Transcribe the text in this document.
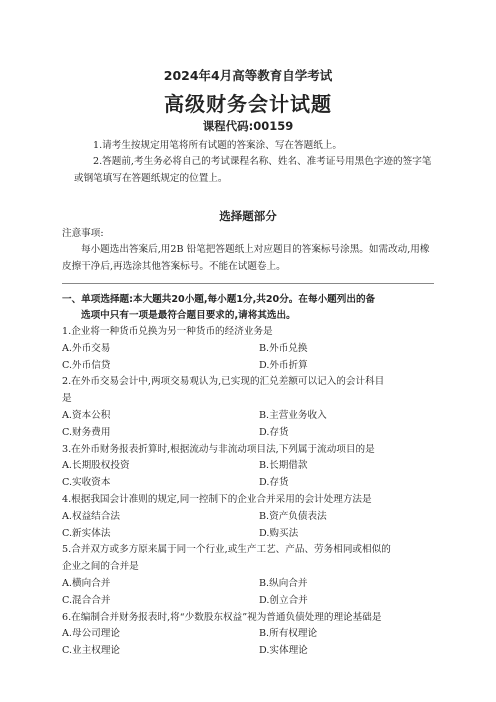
2024年4月高等教育自学考试
高级财务会计试题
课程代码:00159
1.请考生按规定用笔将所有试题的答案涂、写在答题纸上。
2.答题前,考生务必将自己的考试课程名称、姓名、准考证号用黑色字迹的签字笔或钢笔填写在答题纸规定的位置上。
选择题部分
注意事项:
每小题选出答案后,用2B 铅笔把答题纸上对应题目的答案标号涂黑。如需改动,用橡皮擦干净后,再选涂其他答案标号。不能在试题卷上。
一、单项选择题:本大题共20小题,每小题1分,共20分。在每小题列出的备
选项中只有一项是最符合题目要求的,请将其选出。
1.企业将一种货币兑换为另一种货币的经济业务是
A.外币交易	B.外币兑换
C.外币信贷	D.外币折算
2.在外币交易会计中,两项交易观认为,已实现的汇兑差额可以记入的会计科目
是
A.资本公积	B.主营业务收入
C.财务费用	D.存货
3.在外币财务报表折算时,根据流动与非流动项目法,下列属于流动项目的是
A.长期股权投资	B.长期借款
C.实收资本	D.存货
4.根据我国会计准则的规定,同一控制下的企业合并采用的会计处理方法是
A.权益结合法	B.资产负债表法
C.新实体法	D.购买法
5.合并双方或多方原来属于同一个行业,或生产工艺、产品、劳务相同或相似的
企业之间的合并是
A.横向合并	B.纵向合并
C.混合合并	D.创立合并
6.在编制合并财务报表时,将“少数股东权益”视为普通负债处理的理论基础是
A.母公司理论	B.所有权理论
C.业主权理论	D.实体理论
